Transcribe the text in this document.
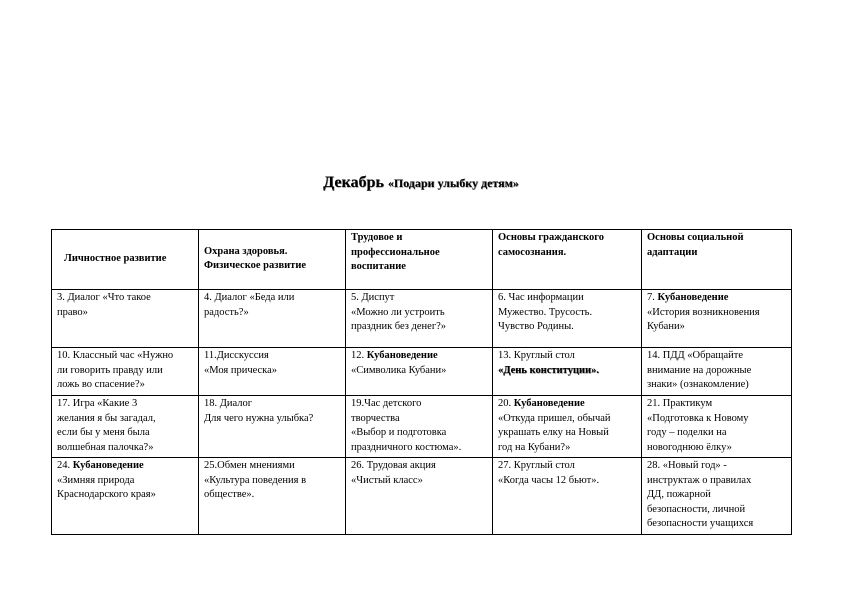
Декабрь «Подари улыбку детям»
Личностное развитие	Охрана здоровья. Физическое развитие	Трудовое и профессиональное воспитание	Основы гражданского самосознания.	Основы социальной адаптации

3. Диалог «Что такое
право»	4. Диалог «Беда или
радость?»	5. Диспут
«Можно ли устроить
праздник без денег?»	6. Час информации
Мужество. Трусость.
Чувство Родины.	7. Кубановедение
«История возникновения
Кубани»

10. Классный час «Нужно
ли говорить правду или
ложь во спасение?»	11.Дисскуссия
«Моя прическа»	12. Кубановедение
«Символика Кубани»	13. Круглый стол
«День конституции».	14. ПДД «Обращайте
внимание на дорожные
знаки» (ознакомление)

17. Игра «Какие 3
желания я бы загадал,
если бы у меня была
волшебная палочка?»	18. Диалог
Для чего нужна улыбка?	19.Час детского
творчества
«Выбор и подготовка
праздничного костюма».	20. Кубановедение
«Откуда пришел, обычай
украшать елку на Новый
год на Кубани?»	21. Практикум
«Подготовка к Новому
году – поделки на
новогоднюю ёлку»

24. Кубановедение
«Зимняя природа
Краснодарского края»	25.Обмен мнениями
«Культура поведения в
обществе».	26. Трудовая акция
«Чистый класс»	27. Круглый стол
«Когда часы 12 бьют».	28. «Новый год» -
инструктаж о правилах
ДД, пожарной
безопасности, личной
безопасности учащихся
